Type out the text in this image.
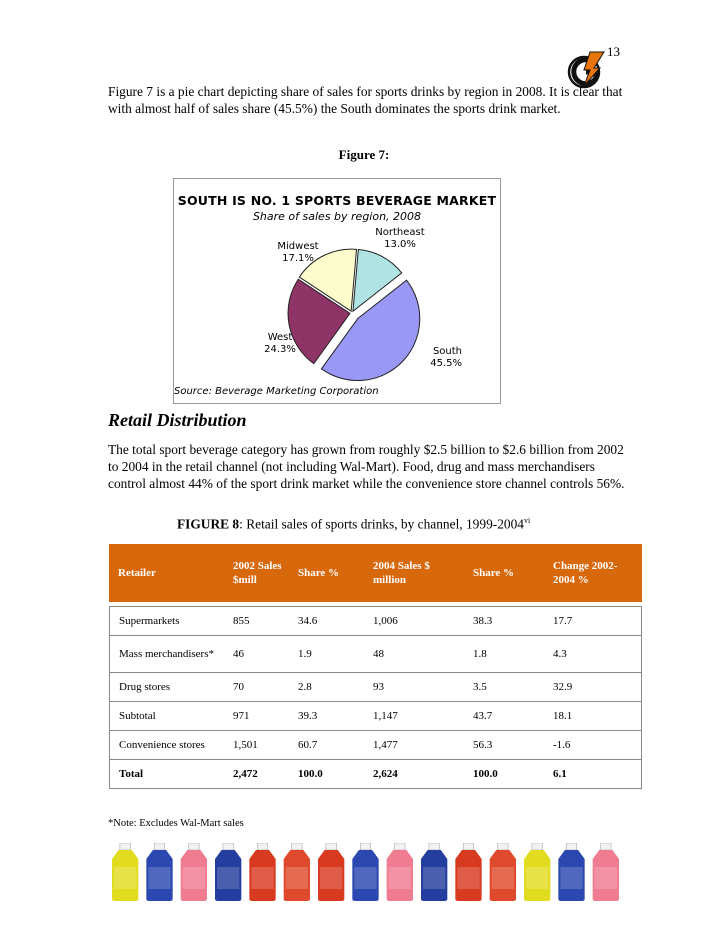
13
Figure 7 is a pie chart depicting share of sales for sports drinks by region in 2008. It is clear that with almost half of sales share (45.5%) the South dominates the sports drink market.
Figure 7:
SOUTH IS NO. 1 SPORTS BEVERAGE MARKET
Share of sales by region, 2008
Northeast
13.0%
Midwest
17.1%
West
24.3%	South
45.5%
Source: Beverage Marketing Corporation
Retail Distribution
The total sport beverage category has grown from roughly $2.5 billion to $2.6 billion from 2002 to 2004 in the retail channel (not including Wal-Mart). Food, drug and mass merchandisers control almost 44% of the sport drink market while the convenience store channel controls 56%.
FIGURE 8: Retail sales of sports drinks, by channel, 1999-2004$^{vi}$
Retailer	2002 Sales $mill	Share %	2004 Sales $ million	Share %	Change 2002-2004 %

Supermarkets	855	34.6	1,006	38.3	17.7
Mass merchandisers*	46	1.9	48	1.8	4.3
Drug stores	70	2.8	93	3.5	32.9
Subtotal	971	39.3	1,147	43.7	18.1
Convenience stores	1,501	60.7	1,477	56.3	-1.6
Total	2,472	100.0	2,624	100.0	6.1
*Note: Excludes Wal-Mart sales
